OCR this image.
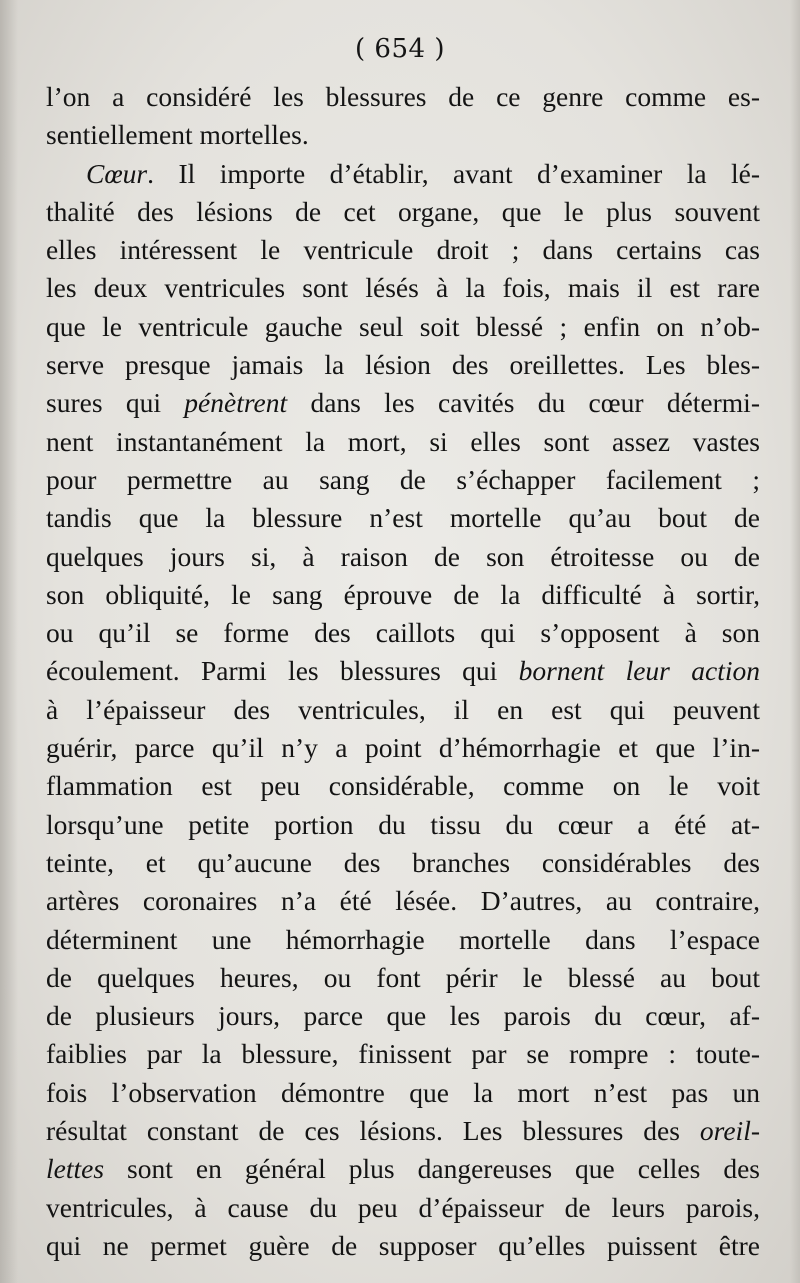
( 654 )
l’on a considéré les blessures de ce genre comme es-
sentiellement mortelles.
Cœur. Il importe d’établir, avant d’examiner la lé-
thalité des lésions de cet organe, que le plus souvent
elles intéressent le ventricule droit ; dans certains cas
les deux ventricules sont lésés à la fois, mais il est rare
que le ventricule gauche seul soit blessé ; enfin on n’ob-
serve presque jamais la lésion des oreillettes. Les bles-
sures qui pénètrent dans les cavités du cœur détermi-
nent instantanément la mort, si elles sont assez vastes
pour permettre au sang de s’échapper facilement ;
tandis que la blessure n’est mortelle qu’au bout de
quelques jours si, à raison de son étroitesse ou de
son obliquité, le sang éprouve de la difficulté à sortir,
ou qu’il se forme des caillots qui s’opposent à son
écoulement. Parmi les blessures qui bornent leur action
à l’épaisseur des ventricules, il en est qui peuvent
guérir, parce qu’il n’y a point d’hémorrhagie et que l’in-
flammation est peu considérable, comme on le voit
lorsqu’une petite portion du tissu du cœur a été at-
teinte, et qu’aucune des branches considérables des
artères coronaires n’a été lésée. D’autres, au contraire,
déterminent une hémorrhagie mortelle dans l’espace
de quelques heures, ou font périr le blessé au bout
de plusieurs jours, parce que les parois du cœur, af-
faiblies par la blessure, finissent par se rompre : toute-
fois l’observation démontre que la mort n’est pas un
résultat constant de ces lésions. Les blessures des oreil-
lettes sont en général plus dangereuses que celles des
ventricules, à cause du peu d’épaisseur de leurs parois,
qui ne permet guère de supposer qu’elles puissent être
